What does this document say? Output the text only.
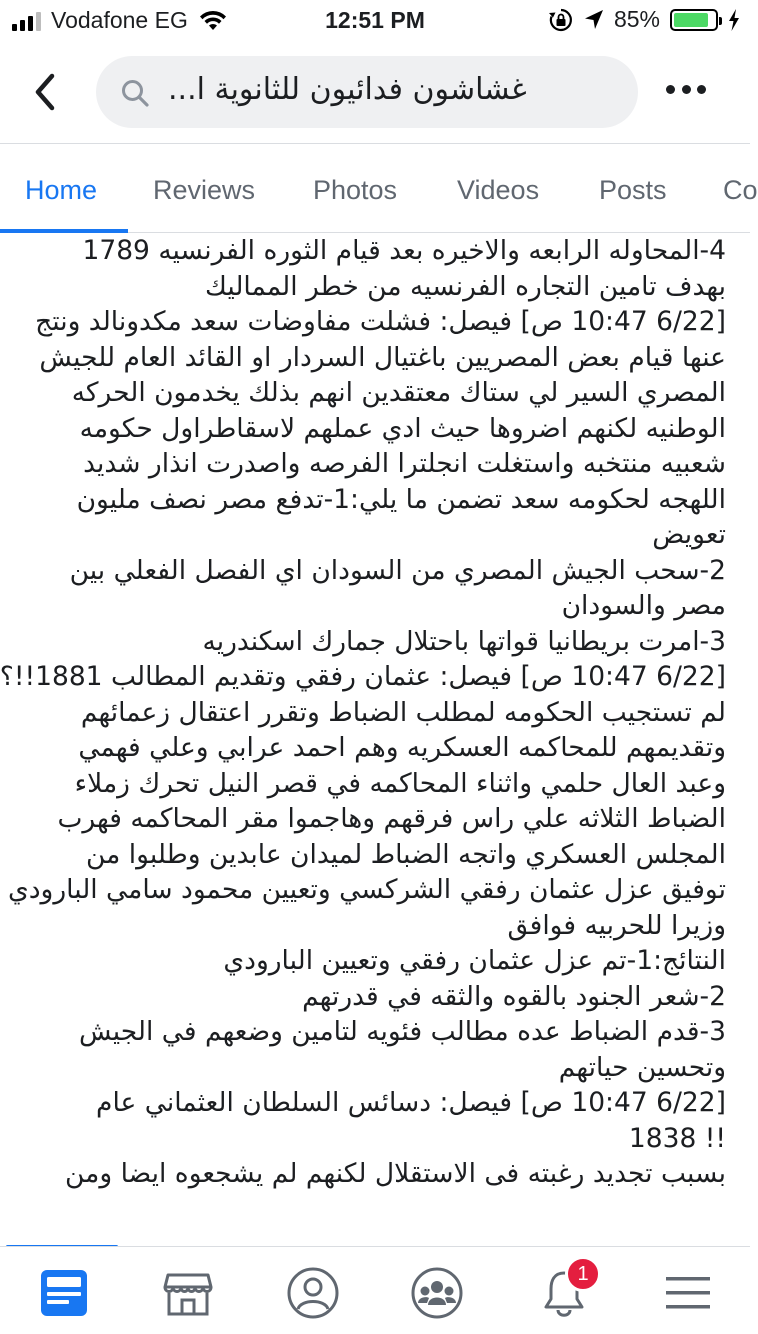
Vodafone EG	12:51 PM	85%
غشاشون فدائيون للثانوية ا...
Home Reviews Photos Videos Posts Co
4-المحاوله الرابعه والاخيره بعد قيام الثوره الفرنسيه 1789
بهدف تامين التجاره الفرنسيه من خطر المماليك
[6/22 10:47 ص] فيصل: فشلت مفاوضات سعد مكدونالد ونتج
عنها قيام بعض المصريين باغتيال السردار او القائد العام للجيش
المصري السير لي ستاك معتقدين انهم بذلك يخدمون الحركه
الوطنيه لكنهم اضروها حيث ادي عملهم لاسقاطراول حكومه
شعبيه منتخبه واستغلت انجلترا الفرصه واصدرت انذار شديد
اللهجه لحكومه سعد تضمن ما يلي:1-تدفع مصر نصف مليون
تعويض
2-سحب الجيش المصري من السودان اي الفصل الفعلي بين
مصر والسودان
3-امرت بريطانيا قواتها باحتلال جمارك اسكندريه
[6/22 10:47 ص] فيصل: عثمان رفقي وتقديم المطالب 1881!!؟
لم تستجيب الحكومه لمطلب الضباط وتقرر اعتقال زعمائهم
وتقديمهم للمحاكمه العسكريه وهم احمد عرابي وعلي فهمي
وعبد العال حلمي واثناء المحاكمه في قصر النيل تحرك زملاء
الضباط الثلاثه علي راس فرقهم وهاجموا مقر المحاكمه فهرب
المجلس العسكري واتجه الضباط لميدان عابدين وطلبوا من
توفيق عزل عثمان رفقي الشركسي وتعيين محمود سامي البارودي
وزيرا للحربيه فوافق
النتائج:1-تم عزل عثمان رفقي وتعيين البارودي
2-شعر الجنود بالقوه والثقه في قدرتهم
3-قدم الضباط عده مطالب فئويه لتامين وضعهم في الجيش
وتحسين حياتهم
[6/22 10:47 ص] فيصل: دسائس السلطان العثماني عام
1838 !!
بسبب تجديد رغبته فى الاستقلال لكنهم لم يشجعوه ايضا ومن
1
